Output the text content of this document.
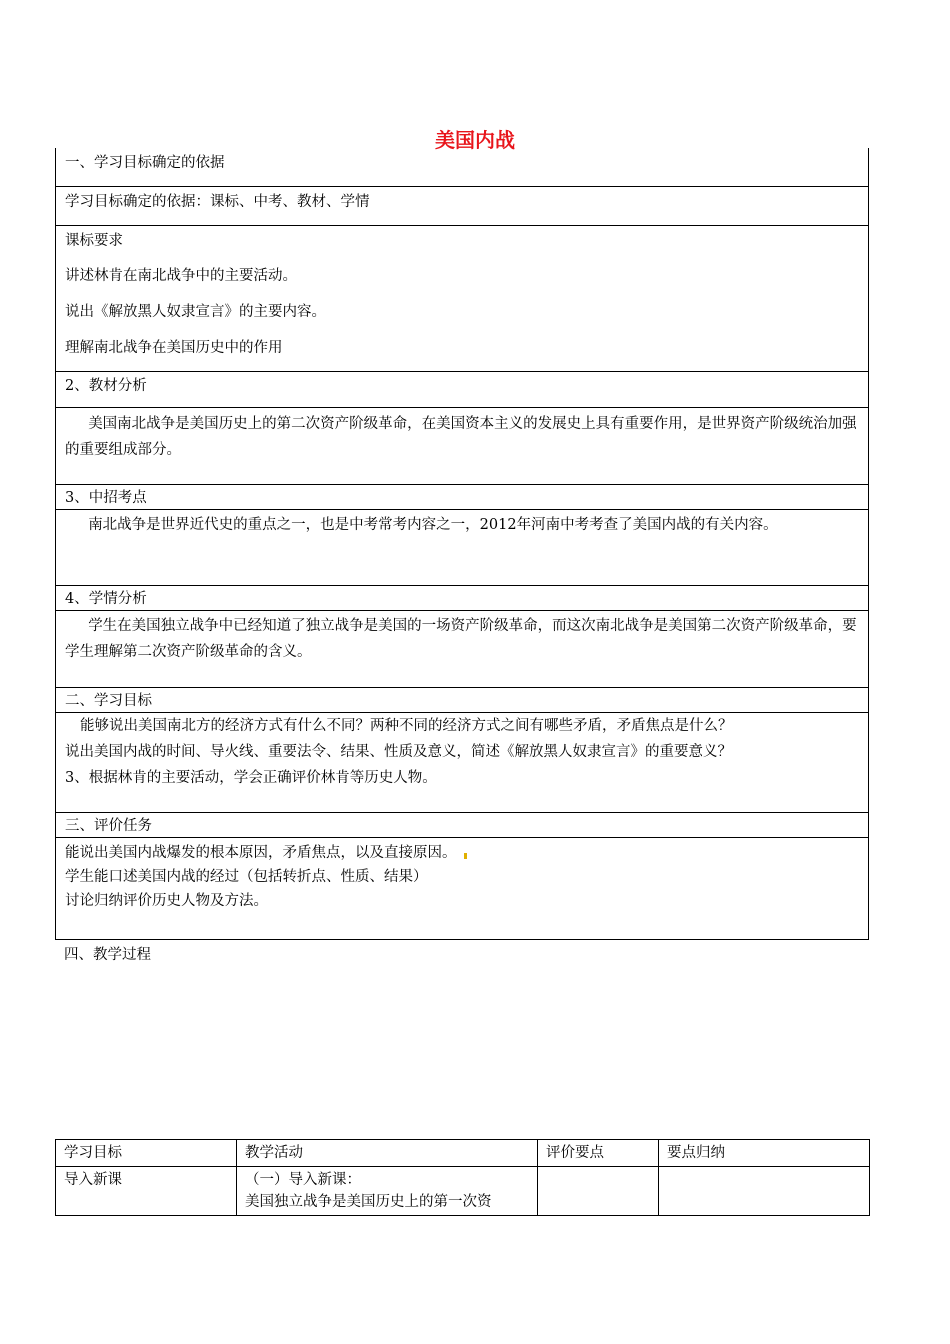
美国内战
一、学习目标确定的依据
学习目标确定的依据：课标、中考、教材、学情
课标要求
讲述林肯在南北战争中的主要活动。
说出《解放黑人奴隶宣言》的主要内容。
理解南北战争在美国历史中的作用
2、教材分析
美国南北战争是美国历史上的第二次资产阶级革命，在美国资本主义的发展史上具有重要作用，是世界资产阶级统治加强的重要组成部分。
3、中招考点
南北战争是世界近代史的重点之一，也是中考常考内容之一，2012年河南中考考查了美国内战的有关内容。
4、学情分析
学生在美国独立战争中已经知道了独立战争是美国的一场资产阶级革命，而这次南北战争是美国第二次资产阶级革命，要学生理解第二次资产阶级革命的含义。
二、学习目标
能够说出美国南北方的经济方式有什么不同？两种不同的经济方式之间有哪些矛盾，矛盾焦点是什么？
说出美国内战的时间、导火线、重要法令、结果、性质及意义，简述《解放黑人奴隶宣言》的重要意义？
3、根据林肯的主要活动，学会正确评价林肯等历史人物。
三、评价任务
能说出美国内战爆发的根本原因，矛盾焦点，以及直接原因。
学生能口述美国内战的经过（包括转折点、性质、结果）
讨论归纳评价历史人物及方法。
四、教学过程
学习目标	教学活动	评价要点	要点归纳
导入新课	（一）导入新课：
美国独立战争是美国历史上的第一次资		
